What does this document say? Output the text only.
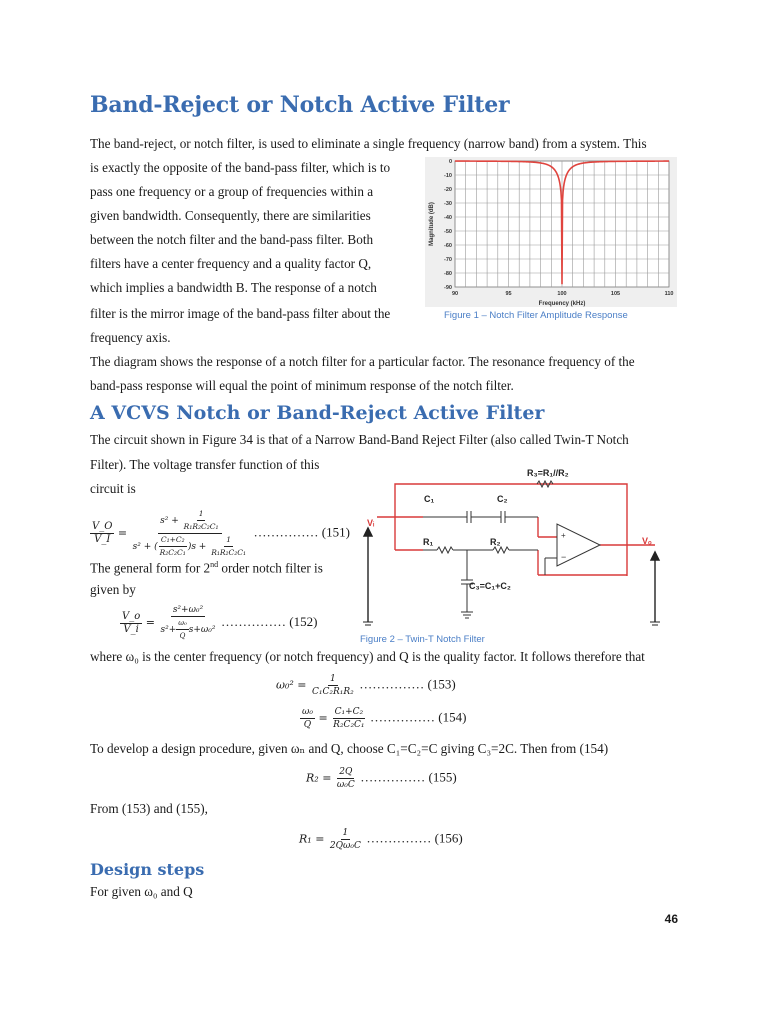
Band-Reject or Notch Active Filter
The band-reject, or notch filter, is used to eliminate a single frequency (narrow band) from a system. This
is exactly the opposite of the band-pass filter, which is to
pass one frequency or a group of frequencies within a
given bandwidth. Consequently, there are similarities
between the notch filter and the band-pass filter. Both
filters have a center frequency and a quality factor Q,
which implies a bandwidth B. The response of a notch
filter is the mirror image of the band-pass filter about the
frequency axis.
The diagram shows the response of a notch filter for a particular factor. The resonance frequency of the
band-pass response will equal the point of minimum response of the notch filter.
0
-10
-20
-30
-40
-50
-60
-70
-80
-90
90	95	100	105	110
Magnitude (dB)
Frequency (kHz)
Figure 1 – Notch Filter Amplitude Response
A VCVS Notch or Band-Reject Active Filter
The circuit shown in Figure 34 is that of a Narrow Band-Band Reject Filter (also called Twin-T Notch
Filter). The voltage transfer function of this
circuit is
$\frac{V\_O}{V\_I} = \frac{s^2 + \frac{1}{\text{R₁R₂C₂C₁}}}{s^2 + ( \frac{\text{C₁+C₂}}{\text{R₂C₂C₁}} )s + \frac{1}{\text{R₁R₂C₂C₁}}}$ …………… (151)
The general form for 2nd order notch filter is
given by
$\frac{V\_o}{V\_i} = \frac{\text{s²+ω₀²}}{s^2+ \frac{\text{ω₀}}{Q} s+\omega_0^2}$ …………… (152)
+
−
R₃=R₁//R₂
C₁	C₂
R₁	R₂
C₃=C₁+C₂
Vᵢ
Vₒ
Figure 2 – Twin-T Notch Filter
where ω₀ is the center frequency (or notch frequency) and Q is the quality factor. It follows therefore that
$\omega_0^2 = \frac{1}{\text{C₁C₂R₁R₂}}$ …………… (153)
$\frac{\text{ω₀}}{Q} = \frac{\text{C₁+C₂}}{\text{R₂C₂C₁}}$ …………… (154)
To develop a design procedure, given ωₙ and Q, choose C₁=C₂=C giving C₃=2C. Then from (154)
$R_2 = \frac{2Q}{\text{ω₀C}}$ …………… (155)
From (153) and (155),
$R_1 = \frac{1}{\text{2Qω₀C}}$ …………… (156)
Design steps
For given ω₀ and Q
46
